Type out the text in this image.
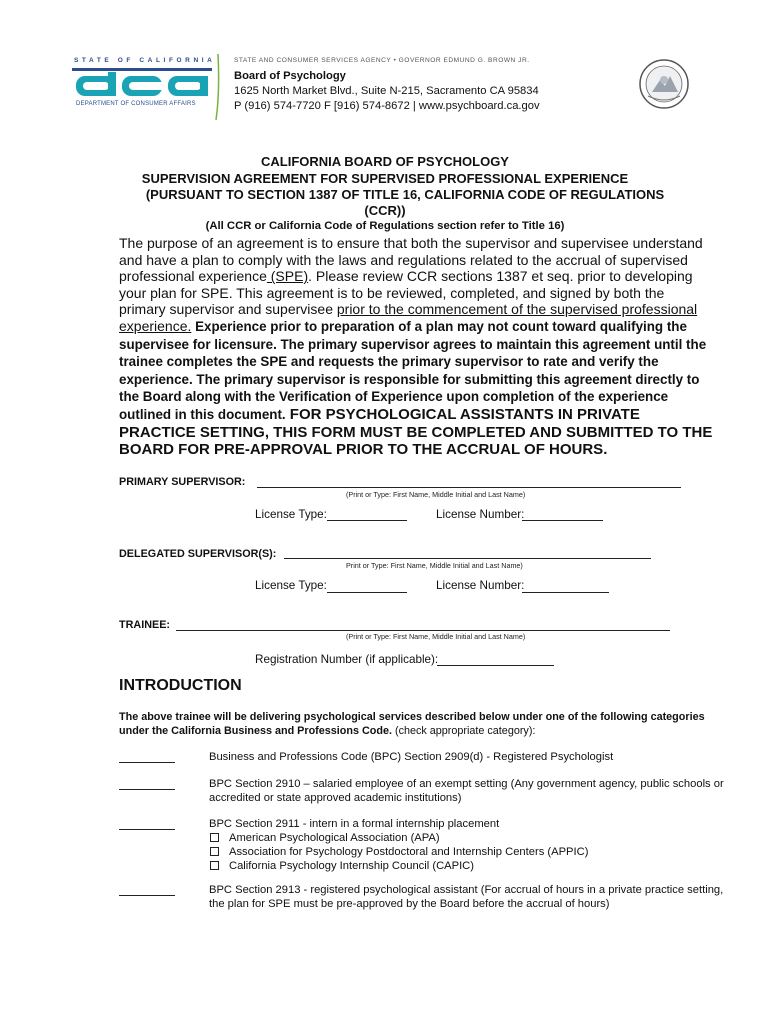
STATE OF CALIFORNIA
DEPARTMENT OF CONSUMER AFFAIRS
STATE AND CONSUMER SERVICES AGENCY • GOVERNOR EDMUND G. BROWN JR.
Board of Psychology
1625 North Market Blvd., Suite N-215, Sacramento CA 95834
P (916) 574-7720 F [916) 574-8672 | www.psychboard.ca.gov
CALIFORNIA BOARD OF PSYCHOLOGY
SUPERVISION AGREEMENT FOR SUPERVISED PROFESSIONAL EXPERIENCE
(PURSUANT TO SECTION 1387 OF TITLE 16, CALIFORNIA CODE OF REGULATIONS
(CCR))
(All CCR or California Code of Regulations section refer to Title 16)
The purpose of an agreement is to ensure that both the supervisor and supervisee understand and have a plan to comply with the laws and regulations related to the accrual of supervised professional experience (SPE). Please review CCR sections 1387 et seq. prior to developing your plan for SPE. This agreement is to be reviewed, completed, and signed by both the primary supervisor and supervisee prior to the commencement of the supervised professional experience. Experience prior to preparation of a plan may not count toward qualifying the supervisee for licensure. The primary supervisor agrees to maintain this agreement until the trainee completes the SPE and requests the primary supervisor to rate and verify the experience. The primary supervisor is responsible for submitting this agreement directly to the Board along with the Verification of Experience upon completion of the experience outlined in this document. FOR PSYCHOLOGICAL ASSISTANTS IN PRIVATE PRACTICE SETTING, THIS FORM MUST BE COMPLETED AND SUBMITTED TO THE BOARD FOR PRE-APPROVAL PRIOR TO THE ACCRUAL OF HOURS.
PRIMARY SUPERVISOR:
(Print or Type: First Name, Middle Initial and Last Name)
License Type:	License Number:
DELEGATED SUPERVISOR(S):
Print or Type: First Name, Middle Initial and Last Name)
License Type:	License Number:
TRAINEE:
(Print or Type: First Name, Middle Initial and Last Name)
Registration Number (if applicable):
INTRODUCTION
The above trainee will be delivering psychological services described below under one of the following categories under the California Business and Professions Code. (check appropriate category):
Business and Professions Code (BPC) Section 2909(d) - Registered Psychologist
BPC Section 2910 – salaried employee of an exempt setting (Any government agency, public schools or accredited or state approved academic institutions)
BPC Section 2911 - intern in a formal internship placement
American Psychological Association (APA)
Association for Psychology Postdoctoral and Internship Centers (APPIC)
California Psychology Internship Council (CAPIC)
BPC Section 2913 - registered psychological assistant (For accrual of hours in a private practice setting, the plan for SPE must be pre-approved by the Board before the accrual of hours)
